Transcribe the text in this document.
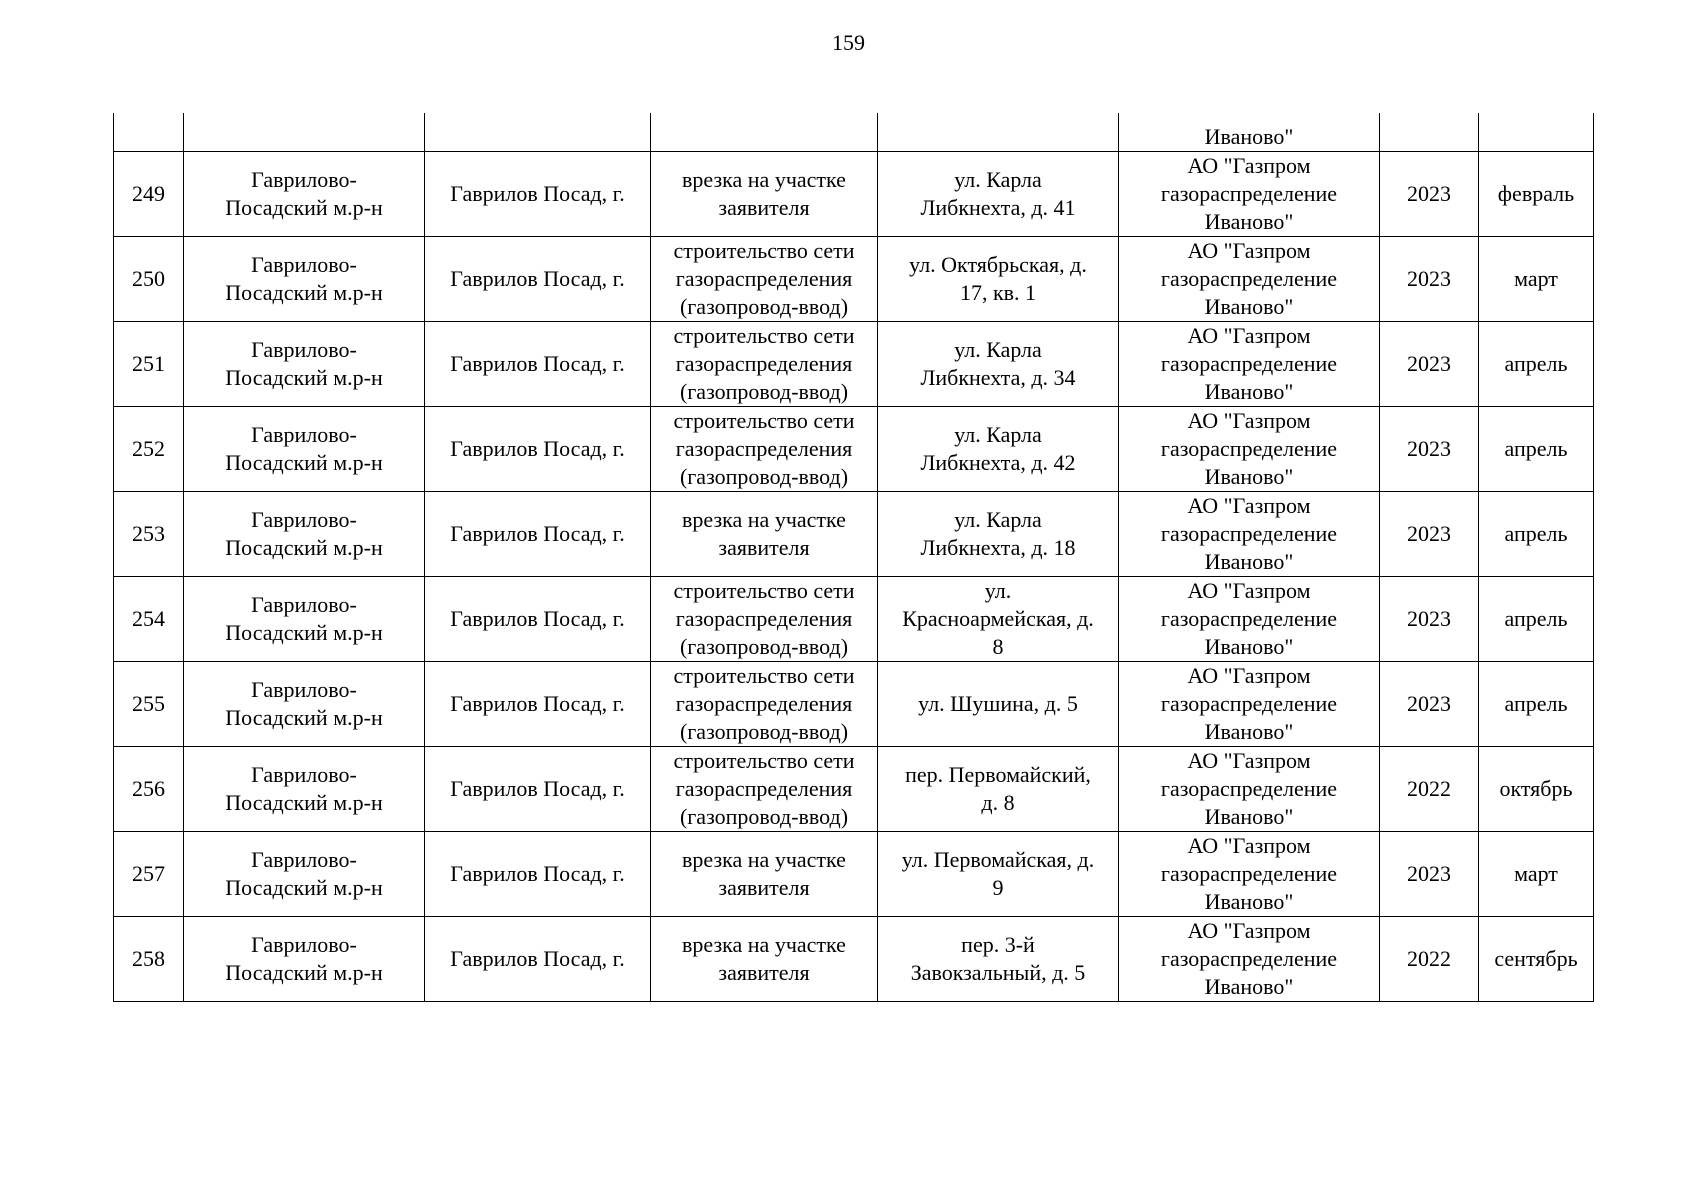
159

					Иваново"		

249	Гаврилово-
Посадский м.р-н	Гаврилов Посад, г.	врезка на участке
заявителя	ул. Карла
Либкнехта, д. 41	АО "Газпром
газораспределение
Иваново"	2023	февраль

250	Гаврилово-
Посадский м.р-н	Гаврилов Посад, г.	строительство сети
газораспределения
(газопровод-ввод)	ул. Октябрьская, д.
17, кв. 1	АО "Газпром
газораспределение
Иваново"	2023	март

251	Гаврилово-
Посадский м.р-н	Гаврилов Посад, г.	строительство сети
газораспределения
(газопровод-ввод)	ул. Карла
Либкнехта, д. 34	АО "Газпром
газораспределение
Иваново"	2023	апрель

252	Гаврилово-
Посадский м.р-н	Гаврилов Посад, г.	строительство сети
газораспределения
(газопровод-ввод)	ул. Карла
Либкнехта, д. 42	АО "Газпром
газораспределение
Иваново"	2023	апрель

253	Гаврилово-
Посадский м.р-н	Гаврилов Посад, г.	врезка на участке
заявителя	ул. Карла
Либкнехта, д. 18	АО "Газпром
газораспределение
Иваново"	2023	апрель

254	Гаврилово-
Посадский м.р-н	Гаврилов Посад, г.	строительство сети
газораспределения
(газопровод-ввод)	ул.
Красноармейская, д.
8	АО "Газпром
газораспределение
Иваново"	2023	апрель

255	Гаврилово-
Посадский м.р-н	Гаврилов Посад, г.	строительство сети
газораспределения
(газопровод-ввод)	ул. Шушина, д. 5	АО "Газпром
газораспределение
Иваново"	2023	апрель

256	Гаврилово-
Посадский м.р-н	Гаврилов Посад, г.	строительство сети
газораспределения
(газопровод-ввод)	пер. Первомайский,
д. 8	АО "Газпром
газораспределение
Иваново"	2022	октябрь

257	Гаврилово-
Посадский м.р-н	Гаврилов Посад, г.	врезка на участке
заявителя	ул. Первомайская, д.
9	АО "Газпром
газораспределение
Иваново"	2023	март

258	Гаврилово-
Посадский м.р-н	Гаврилов Посад, г.	врезка на участке
заявителя	пер. 3-й
Завокзальный, д. 5	АО "Газпром
газораспределение
Иваново"	2022	сентябрь
